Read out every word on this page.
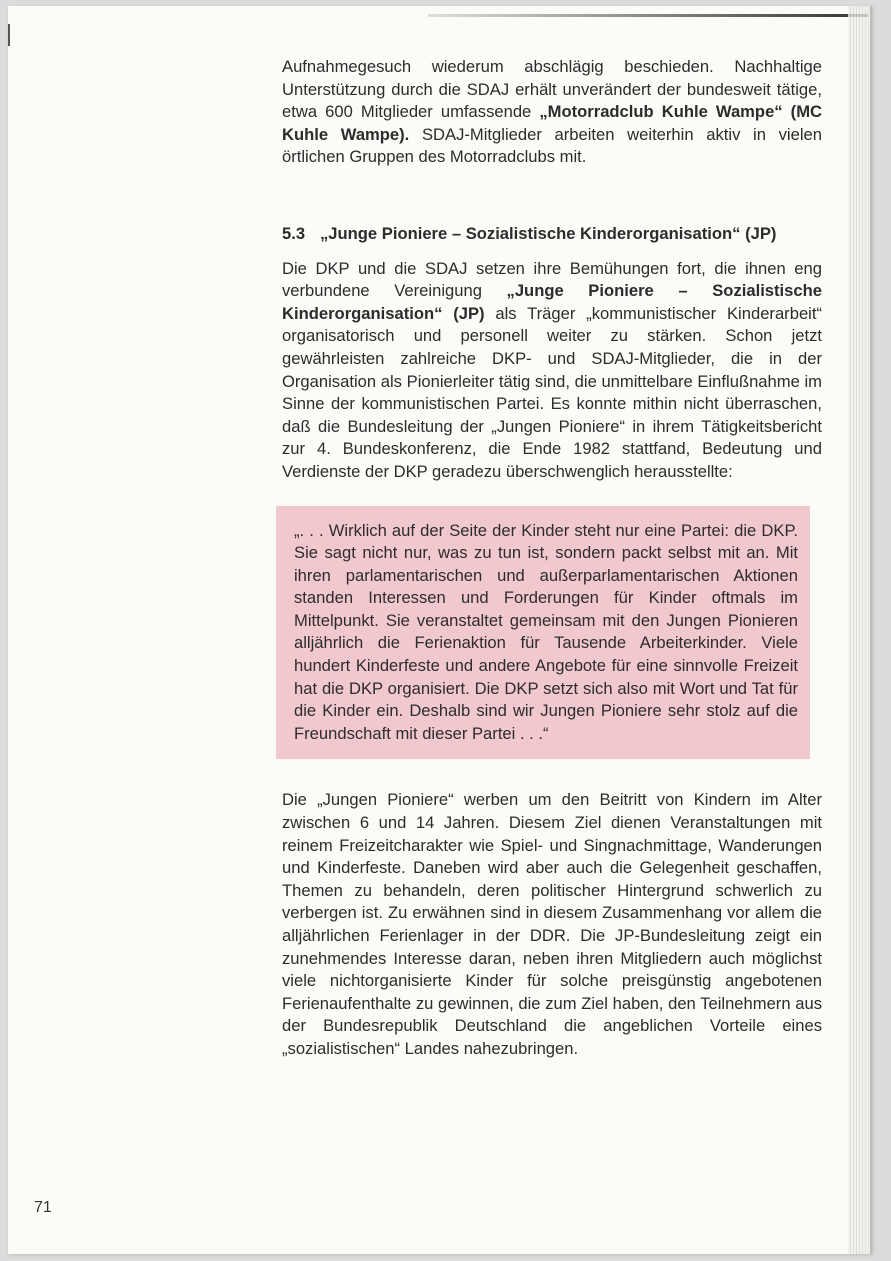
Aufnahmegesuch wiederum abschlägig beschieden. Nachhaltige Unterstützung durch die SDAJ erhält unverändert der bundesweit tätige, etwa 600 Mitglieder umfassende „Motorradclub Kuhle Wampe“ (MC Kuhle Wampe). SDAJ-Mitglieder arbeiten weiterhin aktiv in vielen örtlichen Gruppen des Motorradclubs mit.

5.3 „Junge Pioniere – Sozialistische Kinderorganisation“ (JP)

Die DKP und die SDAJ setzen ihre Bemühungen fort, die ihnen eng verbundene Vereinigung „Junge Pioniere – Sozialistische Kinderorganisation“ (JP) als Träger „kommunistischer Kinderarbeit“ organisatorisch und personell weiter zu stärken. Schon jetzt gewährleisten zahlreiche DKP- und SDAJ-Mitglieder, die in der Organisation als Pionierleiter tätig sind, die unmittelbare Einflußnahme im Sinne der kommunistischen Partei. Es konnte mithin nicht überraschen, daß die Bundesleitung der „Jungen Pioniere“ in ihrem Tätigkeitsbericht zur 4. Bundeskonferenz, die Ende 1982 stattfand, Bedeutung und Verdienste der DKP geradezu überschwenglich herausstellte:

„. . . Wirklich auf der Seite der Kinder steht nur eine Partei: die DKP. Sie sagt nicht nur, was zu tun ist, sondern packt selbst mit an. Mit ihren parlamentarischen und außerparlamentarischen Aktionen standen Interessen und Forderungen für Kinder oftmals im Mittelpunkt. Sie veranstaltet gemeinsam mit den Jungen Pionieren alljährlich die Ferienaktion für Tausende Arbeiterkinder. Viele hundert Kinderfeste und andere Angebote für eine sinnvolle Freizeit hat die DKP organisiert. Die DKP setzt sich also mit Wort und Tat für die Kinder ein. Deshalb sind wir Jungen Pioniere sehr stolz auf die Freundschaft mit dieser Partei . . .“

Die „Jungen Pioniere“ werben um den Beitritt von Kindern im Alter zwischen 6 und 14 Jahren. Diesem Ziel dienen Veranstaltungen mit reinem Freizeitcharakter wie Spiel- und Singnachmittage, Wanderungen und Kinderfeste. Daneben wird aber auch die Gelegenheit geschaffen, Themen zu behandeln, deren politischer Hintergrund schwerlich zu verbergen ist. Zu erwähnen sind in diesem Zusammenhang vor allem die alljährlichen Ferienlager in der DDR. Die JP-Bundesleitung zeigt ein zunehmendes Interesse daran, neben ihren Mitgliedern auch möglichst viele nichtorganisierte Kinder für solche preisgünstig angebotenen Ferienaufenthalte zu gewinnen, die zum Ziel haben, den Teilnehmern aus der Bundesrepublik Deutschland die angeblichen Vorteile eines „sozialistischen“ Landes nahezubringen.

71
